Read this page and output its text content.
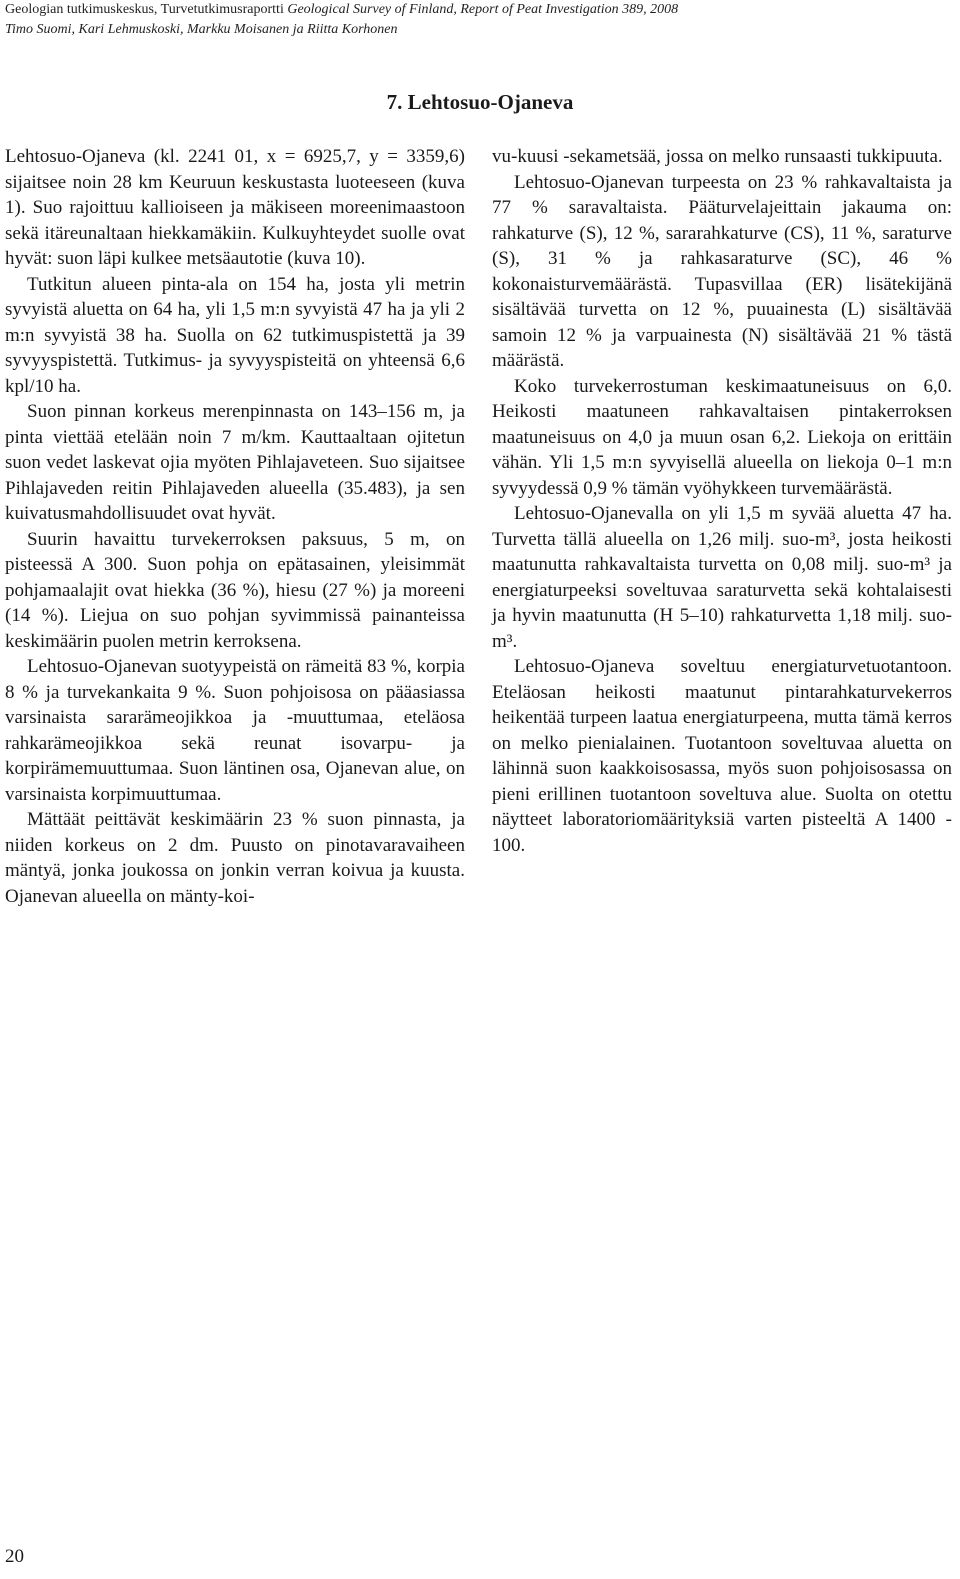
Geologian tutkimuskeskus, Turvetutkimusraportti Geological Survey of Finland, Report of Peat Investigation 389, 2008
Timo Suomi, Kari Lehmuskoski, Markku Moisanen ja Riitta Korhonen
7. Lehtosuo-Ojaneva

Lehtosuo-Ojaneva (kl. 2241 01, x = 6925,7, y = 3359,6) sijaitsee noin 28 km Keuruun keskustasta luoteeseen (kuva 1). Suo rajoittuu kallioiseen ja mäkiseen moreenimaastoon sekä itäreunaltaan hiekkamäkiin. Kulkuyhteydet suolle ovat hyvät: suon läpi kulkee metsäautotie (kuva 10).

Tutkitun alueen pinta-ala on 154 ha, josta yli metrin syvyistä aluetta on 64 ha, yli 1,5 m:n syvyistä 47 ha ja yli 2 m:n syvyistä 38 ha. Suolla on 62 tutkimuspistettä ja 39 syvyyspistettä. Tutkimus- ja syvyyspisteitä on yhteensä 6,6 kpl/10 ha.

Suon pinnan korkeus merenpinnasta on 143–156 m, ja pinta viettää etelään noin 7 m/km. Kauttaaltaan ojitetun suon vedet laskevat ojia myöten Pihlajaveteen. Suo sijaitsee Pihlajaveden reitin Pihlajaveden alueella (35.483), ja sen kuivatusmahdollisuudet ovat hyvät.

Suurin havaittu turvekerroksen paksuus, 5 m, on pisteessä A 300. Suon pohja on epätasainen, yleisimmät pohjamaalajit ovat hiekka (36 %), hiesu (27 %) ja moreeni (14 %). Liejua on suo pohjan syvimmissä painanteissa keskimäärin puolen metrin kerroksena.

Lehtosuo-Ojanevan suotyypeistä on rämeitä 83 %, korpia 8 % ja turvekankaita 9 %. Suon pohjoisosa on pääasiassa varsinaista sararämeojikkoa ja -muuttumaa, eteläosa rahkarämeojikkoa sekä reunat isovarpu- ja korpirämemuuttumaa. Suon läntinen osa, Ojanevan alue, on varsinaista korpimuuttumaa.

Mättäät peittävät keskimäärin 23 % suon pinnasta, ja niiden korkeus on 2 dm. Puusto on pinotavaravaiheen mäntyä, jonka joukossa on jonkin verran koivua ja kuusta. Ojanevan alueella on mänty-koi-

vu-kuusi -sekametsää, jossa on melko runsaasti tukkipuuta.

Lehtosuo-Ojanevan turpeesta on 23 % rahkavaltaista ja 77 % saravaltaista. Pääturvelajeittain jakauma on: rahkaturve (S), 12 %, sararahkaturve (CS), 11 %, saraturve (S), 31 % ja rahkasaraturve (SC), 46 % kokonaisturvemäärästä. Tupasvillaa (ER) lisätekijänä sisältävää turvetta on 12 %, puuainesta (L) sisältävää samoin 12 % ja varpuainesta (N) sisältävää 21 % tästä määrästä.

Koko turvekerrostuman keskimaatuneisuus on 6,0. Heikosti maatuneen rahkavaltaisen pintakerroksen maatuneisuus on 4,0 ja muun osan 6,2. Liekoja on erittäin vähän. Yli 1,5 m:n syvyisellä alueella on liekoja 0–1 m:n syvyydessä 0,9 % tämän vyöhykkeen turvemäärästä.

Lehtosuo-Ojanevalla on yli 1,5 m syvää aluetta 47 ha. Turvetta tällä alueella on 1,26 milj. suo-m³, josta heikosti maatunutta rahkavaltaista turvetta on 0,08 milj. suo-m³ ja energiaturpeeksi soveltuvaa saraturvetta sekä kohtalaisesti ja hyvin maatunutta (H 5–10) rahkaturvetta 1,18 milj. suo-m³.

Lehtosuo-Ojaneva soveltuu energiaturvetuotantoon. Eteläosan heikosti maatunut pintarahkaturvekerros heikentää turpeen laatua energiaturpeena, mutta tämä kerros on melko pienialainen. Tuotantoon soveltuvaa aluetta on lähinnä suon kaakkoisosassa, myös suon pohjoisosassa on pieni erillinen tuotantoon soveltuva alue. Suolta on otettu näytteet laboratoriomäärityksiä varten pisteeltä A 1400 - 100.

20
